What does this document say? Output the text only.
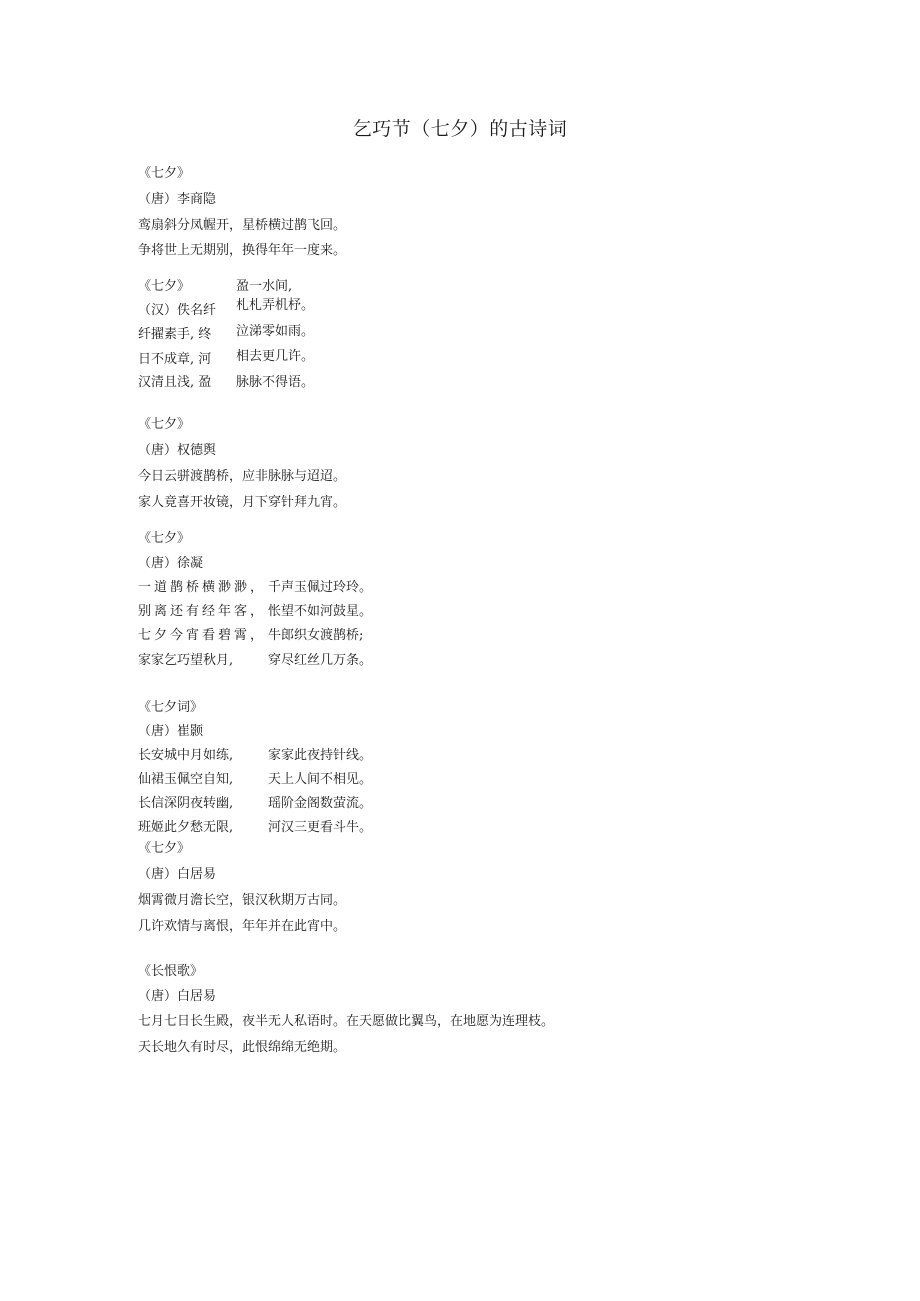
乞巧节（七夕）的古诗词
《七夕》
（唐）李商隐
鸾扇斜分凤幄开，星桥横过鹊飞回。
争将世上无期别，换得年年一度来。
《七夕》
（汉）佚名纤
纤擢素手, 终
日不成章, 河
汉清且浅, 盈
盈一水间,
札札弄机杼。
泣涕零如雨。
相去更几许。
脉脉不得语。
《七夕》
（唐）权德舆
今日云骈渡鹊桥，应非脉脉与迢迢。
家人竟喜开妆镜，月下穿针拜九宵。
《七夕》
（唐）徐凝
一道鹊桥横渺渺，
别离还有经年客，
七夕今宵看碧霄，
家家乞巧望秋月,
千声玉佩过玲玲。
怅望不如河鼓星。
牛郎织女渡鹊桥;
穿尽红丝几万条。
《七夕词》
（唐）崔颢
长安城中月如练,
仙裙玉佩空自知,
长信深阴夜转幽,
班姬此夕愁无限,
家家此夜持针线。
天上人间不相见。
瑶阶金阁数萤流。
河汉三更看斗牛。
《七夕》
（唐）白居易
烟霄微月澹长空，银汉秋期万古同。
几许欢情与离恨，年年并在此宵中。
《长恨歌》
（唐）白居易
七月七日长生殿，夜半无人私语时。在天愿做比翼鸟，在地愿为连理枝。
天长地久有时尽，此恨绵绵无绝期。
